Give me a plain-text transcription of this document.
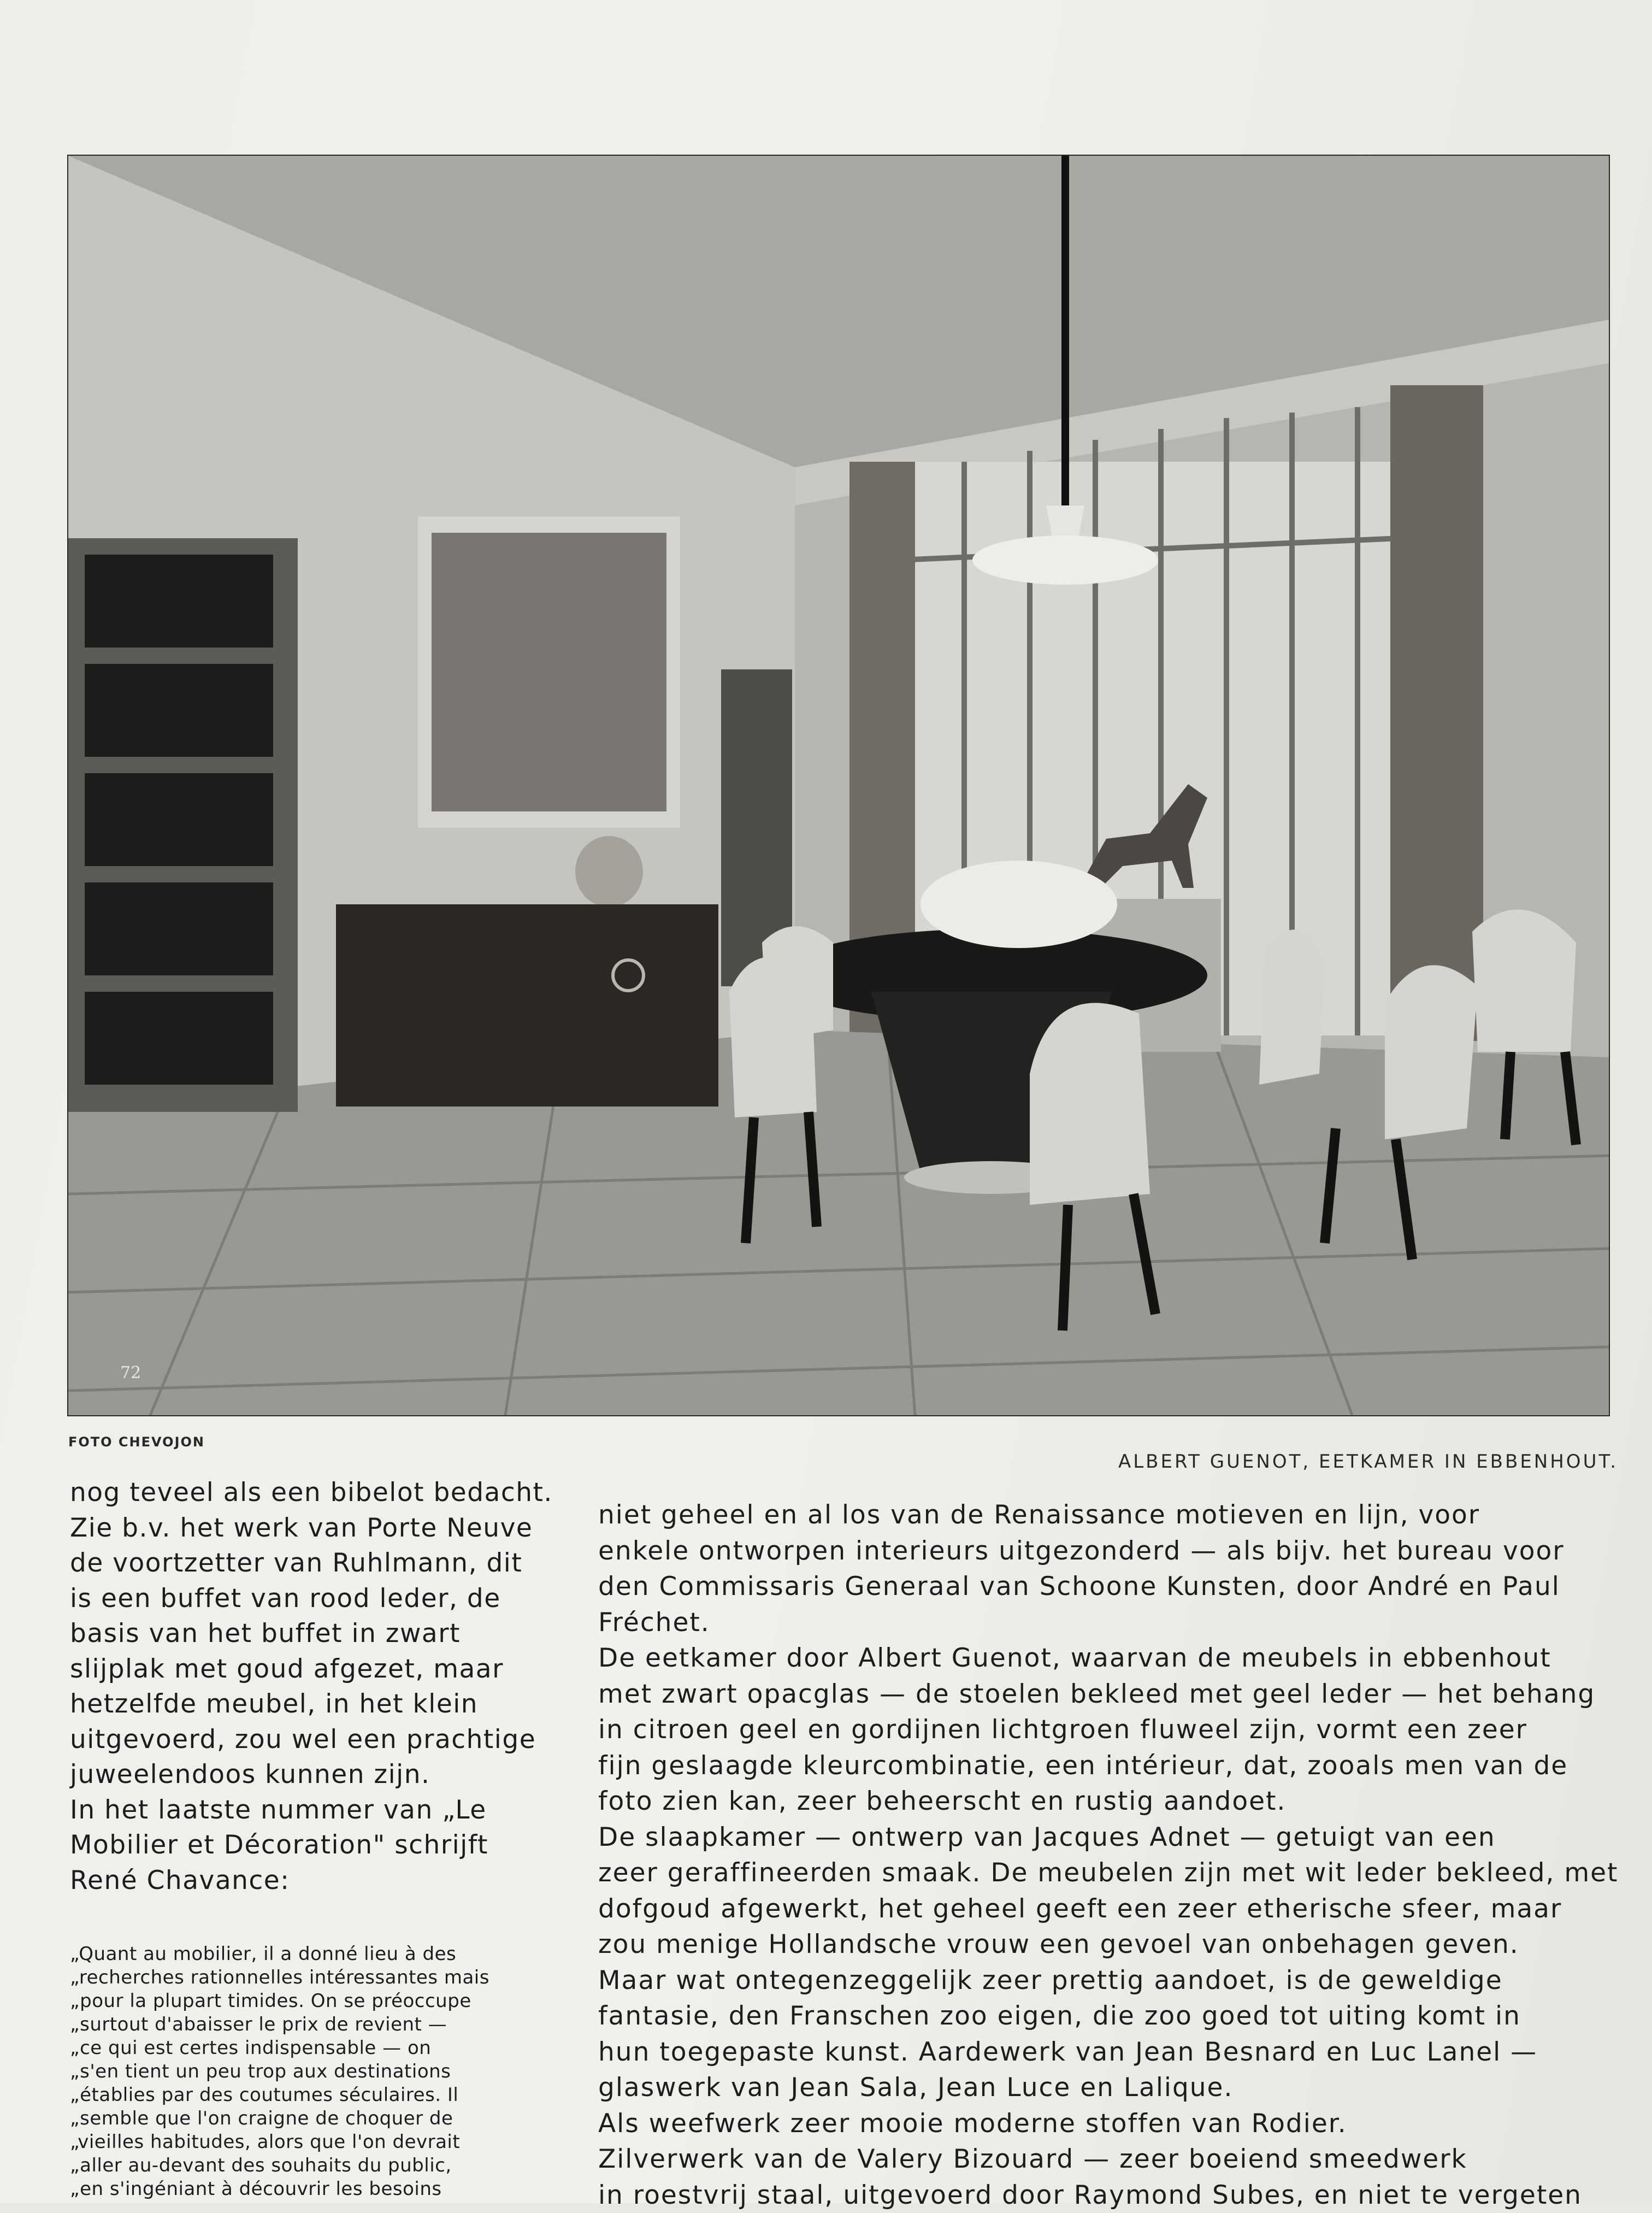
72
FOTO CHEVOJON
ALBERT GUENOT, EETKAMER IN EBBENHOUT.
nog teveel als een bibelot bedacht.
Zie b.v. het werk van Porte Neuve
de voortzetter van Ruhlmann, dit
is een buffet van rood leder, de
basis van het buffet in zwart
slijplak met goud afgezet, maar
hetzelfde meubel, in het klein
uitgevoerd, zou wel een prachtige
juweelendoos kunnen zijn.
In het laatste nummer van „Le
Mobilier et Décoration" schrijft
René Chavance:
„Quant au mobilier, il a donné lieu à des
„recherches rationnelles intéressantes mais
„pour la plupart timides. On se préoccupe
„surtout d'abaisser le prix de revient —
„ce qui est certes indispensable — on
„s'en tient un peu trop aux destinations
„établies par des coutumes séculaires. Il
„semble que l'on craigne de choquer de
„vieilles habitudes, alors que l'on devrait
„aller au-devant des souhaits du public,
„en s'ingéniant à découvrir les besoins
niet geheel en al los van de Renaissance motieven en lijn, voor
enkele ontworpen interieurs uitgezonderd — als bijv. het bureau voor
den Commissaris Generaal van Schoone Kunsten, door André en Paul
Fréchet.
De eetkamer door Albert Guenot, waarvan de meubels in ebbenhout
met zwart opacglas — de stoelen bekleed met geel leder — het behang
in citroen geel en gordijnen lichtgroen fluweel zijn, vormt een zeer
fijn geslaagde kleurcombinatie, een intérieur, dat, zooals men van de
foto zien kan, zeer beheerscht en rustig aandoet.
De slaapkamer — ontwerp van Jacques Adnet — getuigt van een
zeer geraffineerden smaak. De meubelen zijn met wit leder bekleed, met
dofgoud afgewerkt, het geheel geeft een zeer etherische sfeer, maar
zou menige Hollandsche vrouw een gevoel van onbehagen geven.
Maar wat ontegenzeggelijk zeer prettig aandoet, is de geweldige
fantasie, den Franschen zoo eigen, die zoo goed tot uiting komt in
hun toegepaste kunst. Aardewerk van Jean Besnard en Luc Lanel —
glaswerk van Jean Sala, Jean Luce en Lalique.
Als weefwerk zeer mooie moderne stoffen van Rodier.
Zilverwerk van de Valery Bizouard — zeer boeiend smeedwerk
in roestvrij staal, uitgevoerd door Raymond Subes, en niet te vergeten
